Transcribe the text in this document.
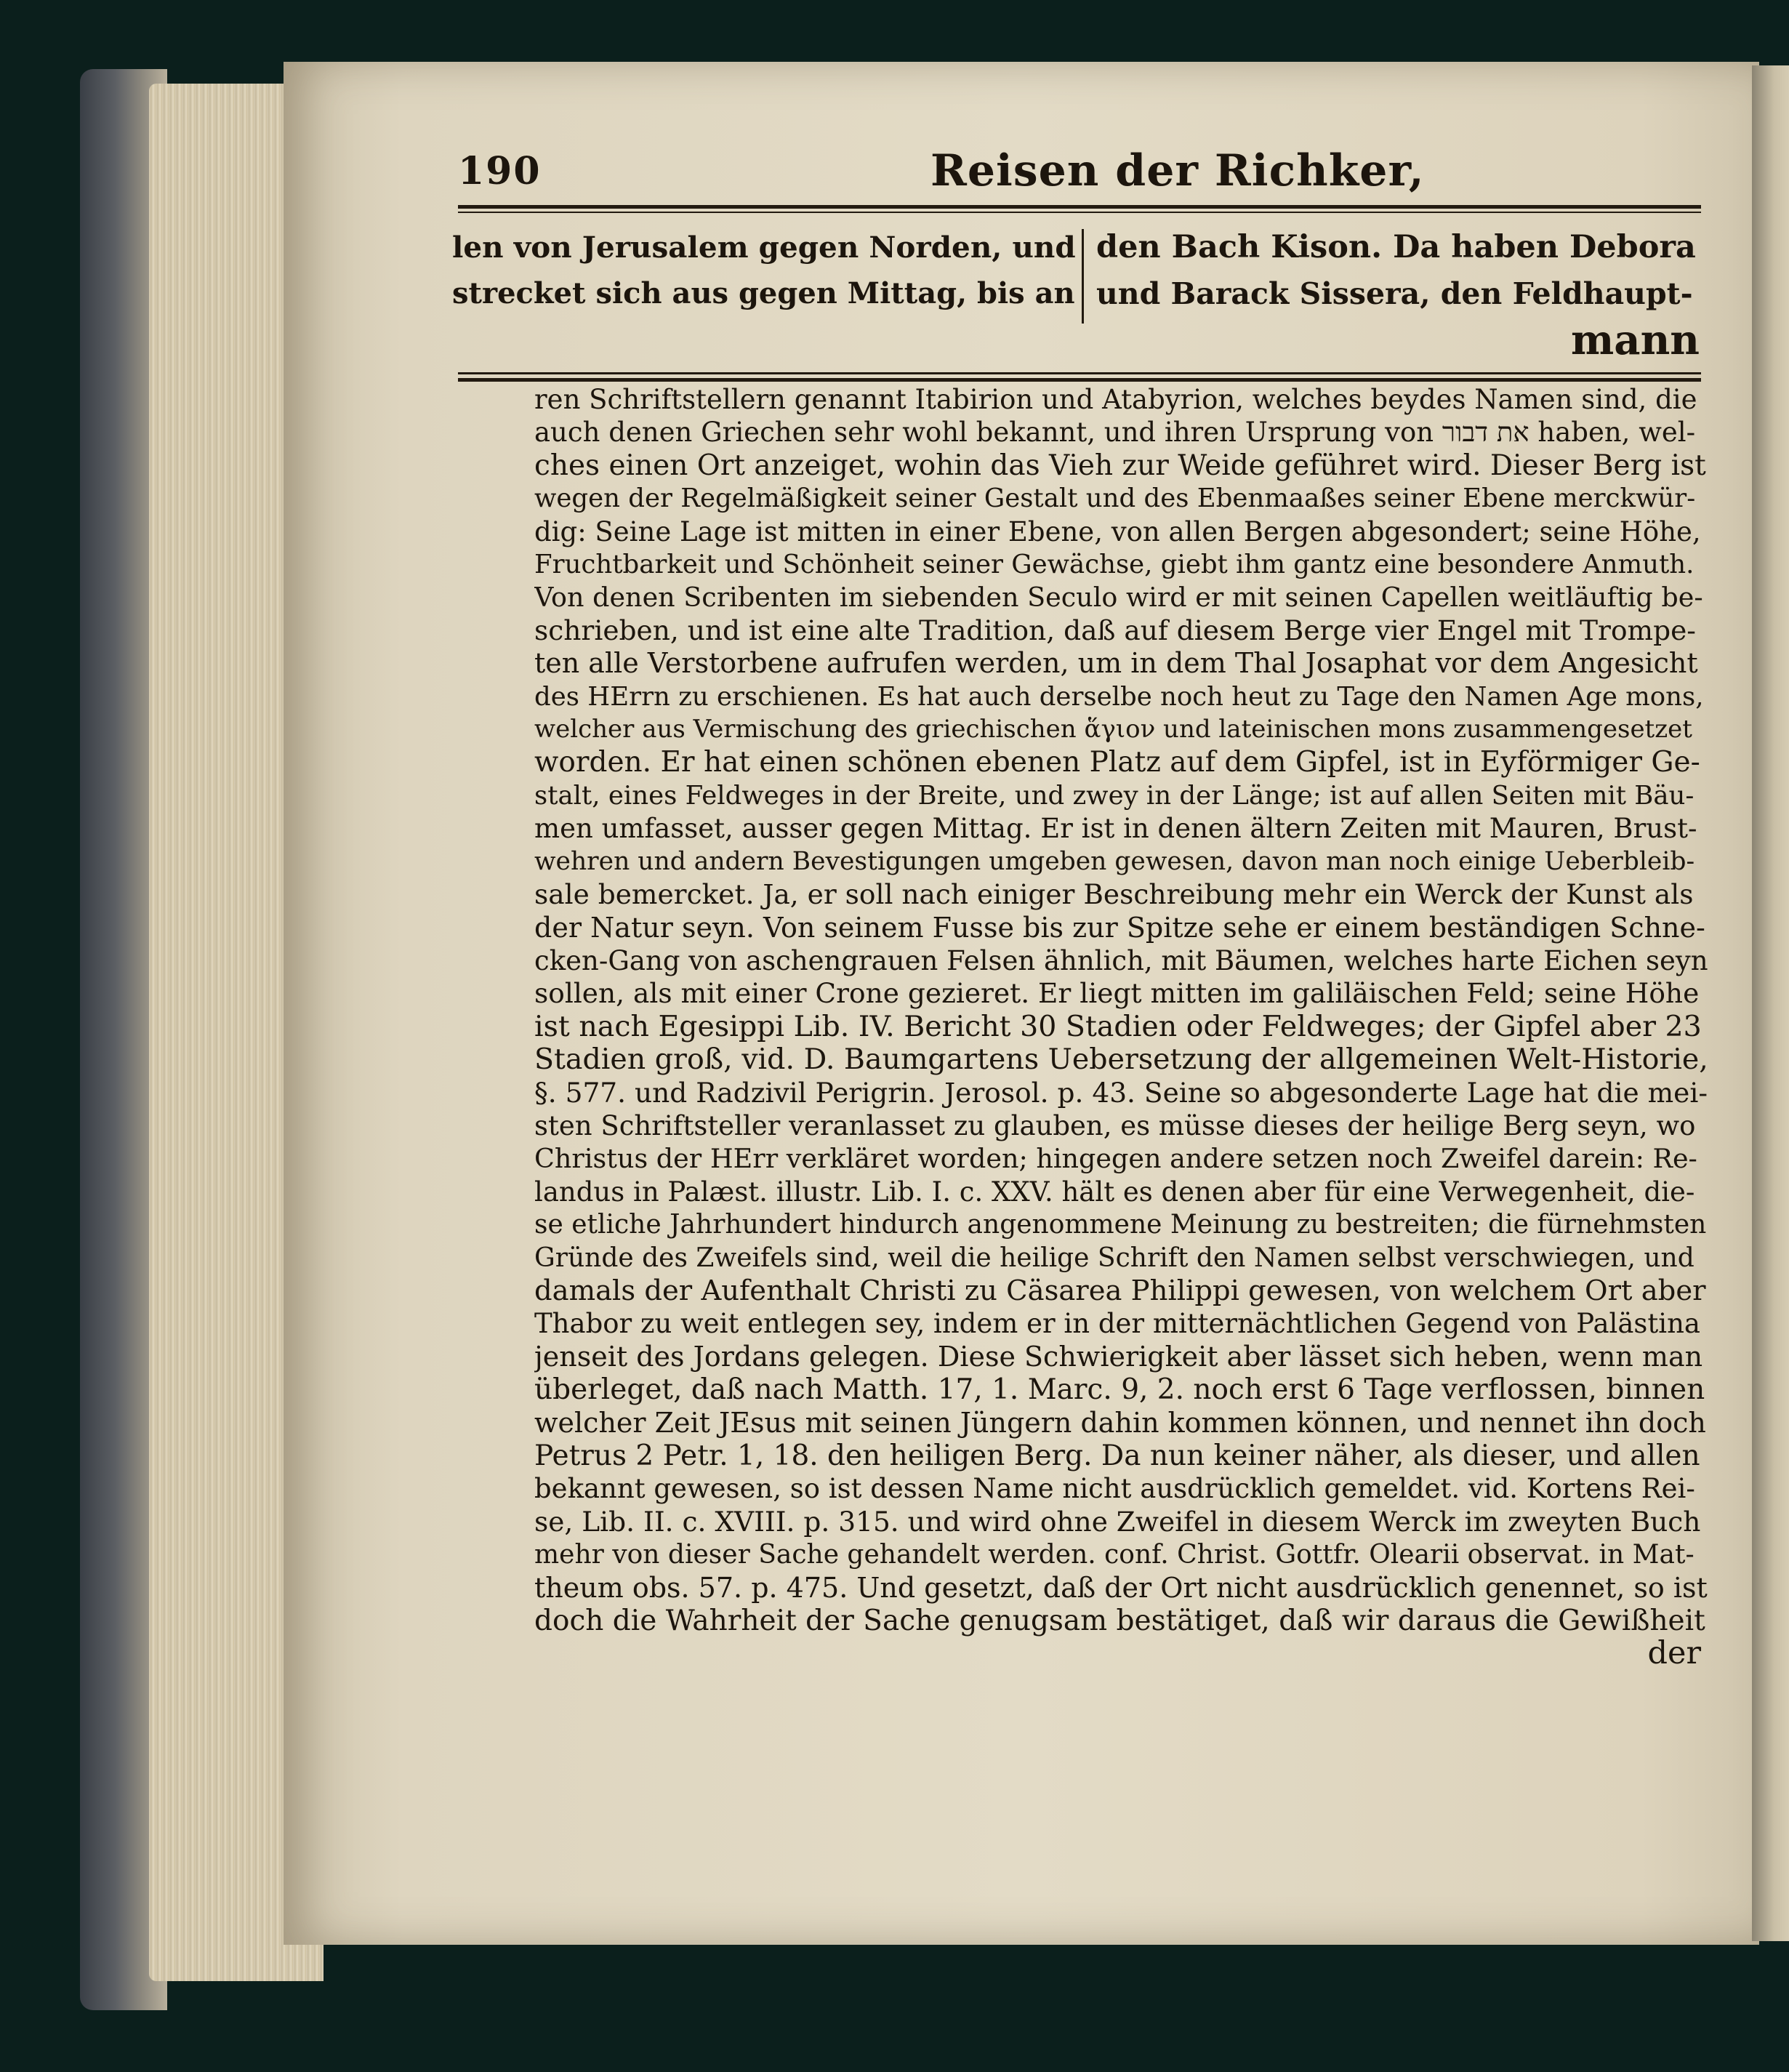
190	Reisen der Richker,
len von Jerusalem gegen Norden, und
strecket sich aus gegen Mittag, bis an
den Bach Kison. Da haben Debora
und Barack Sissera, den Feldhaupt-
mann
ren Schriftstellern genannt Itabirion und Atabyrion, welches beydes Namen sind, die
auch denen Griechen sehr wohl bekannt, und ihren Ursprung von את דבור haben, wel-
ches einen Ort anzeiget, wohin das Vieh zur Weide geführet wird. Dieser Berg ist
wegen der Regelmäßigkeit seiner Gestalt und des Ebenmaaßes seiner Ebene merckwür-
dig: Seine Lage ist mitten in einer Ebene, von allen Bergen abgesondert; seine Höhe,
Fruchtbarkeit und Schönheit seiner Gewächse, giebt ihm gantz eine besondere Anmuth.
Von denen Scribenten im siebenden Seculo wird er mit seinen Capellen weitläuftig be-
schrieben, und ist eine alte Tradition, daß auf diesem Berge vier Engel mit Trompe-
ten alle Verstorbene aufrufen werden, um in dem Thal Josaphat vor dem Angesicht
des HErrn zu erschienen. Es hat auch derselbe noch heut zu Tage den Namen Age mons,
welcher aus Vermischung des griechischen ἅγιον und lateinischen mons zusammengesetzet
worden. Er hat einen schönen ebenen Platz auf dem Gipfel, ist in Eyförmiger Ge-
stalt, eines Feldweges in der Breite, und zwey in der Länge; ist auf allen Seiten mit Bäu-
men umfasset, ausser gegen Mittag. Er ist in denen ältern Zeiten mit Mauren, Brust-
wehren und andern Bevestigungen umgeben gewesen, davon man noch einige Ueberbleib-
sale bemercket. Ja, er soll nach einiger Beschreibung mehr ein Werck der Kunst als
der Natur seyn. Von seinem Fusse bis zur Spitze sehe er einem beständigen Schne-
cken-Gang von aschengrauen Felsen ähnlich, mit Bäumen, welches harte Eichen seyn
sollen, als mit einer Crone gezieret. Er liegt mitten im galiläischen Feld; seine Höhe
ist nach Egesippi Lib. IV. Bericht 30 Stadien oder Feldweges; der Gipfel aber 23
Stadien groß, vid. D. Baumgartens Uebersetzung der allgemeinen Welt-Historie,
§. 577. und Radzivil Perigrin. Jerosol. p. 43. Seine so abgesonderte Lage hat die mei-
sten Schriftsteller veranlasset zu glauben, es müsse dieses der heilige Berg seyn, wo
Christus der HErr verkläret worden; hingegen andere setzen noch Zweifel darein: Re-
landus in Palæst. illustr. Lib. I. c. XXV. hält es denen aber für eine Verwegenheit, die-
se etliche Jahrhundert hindurch angenommene Meinung zu bestreiten; die fürnehmsten
Gründe des Zweifels sind, weil die heilige Schrift den Namen selbst verschwiegen, und
damals der Aufenthalt Christi zu Cäsarea Philippi gewesen, von welchem Ort aber
Thabor zu weit entlegen sey, indem er in der mitternächtlichen Gegend von Palästina
jenseit des Jordans gelegen. Diese Schwierigkeit aber lässet sich heben, wenn man
überleget, daß nach Matth. 17, 1. Marc. 9, 2. noch erst 6 Tage verflossen, binnen
welcher Zeit JEsus mit seinen Jüngern dahin kommen können, und nennet ihn doch
Petrus 2 Petr. 1, 18. den heiligen Berg. Da nun keiner näher, als dieser, und allen
bekannt gewesen, so ist dessen Name nicht ausdrücklich gemeldet. vid. Kortens Rei-
se, Lib. II. c. XVIII. p. 315. und wird ohne Zweifel in diesem Werck im zweyten Buch
mehr von dieser Sache gehandelt werden. conf. Christ. Gottfr. Olearii observat. in Mat-
theum obs. 57. p. 475. Und gesetzt, daß der Ort nicht ausdrücklich genennet, so ist
doch die Wahrheit der Sache genugsam bestätiget, daß wir daraus die Gewißheit
der
